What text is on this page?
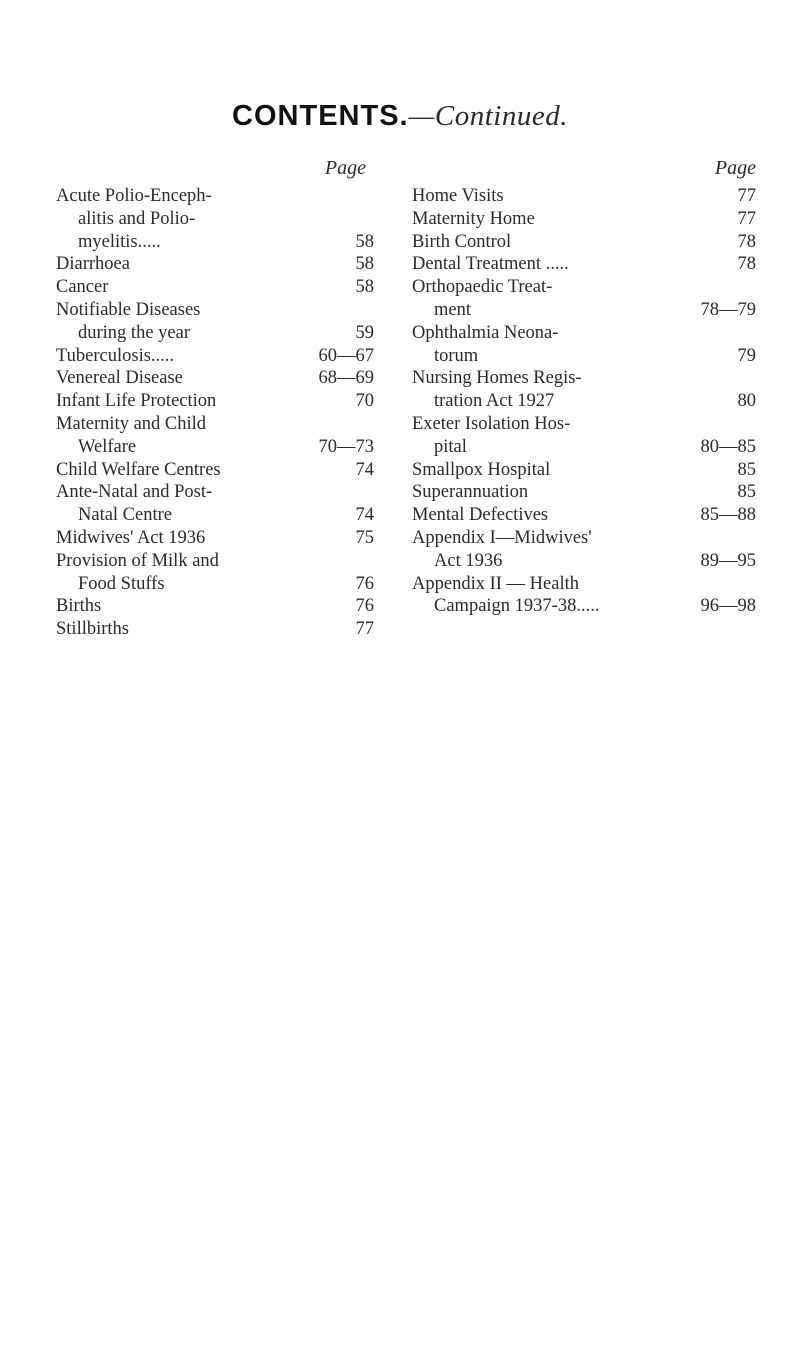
CONTENTS.—Continued.
Page
Acute Polio-Enceph-
alitis and Polio-
myelitis.....	58
Diarrhoea	58
Cancer	58
Notifiable Diseases
during the year	59
Tuberculosis.....	60—67
Venereal Disease	68—69
Infant Life Protection	70
Maternity and Child
Welfare	70—73
Child Welfare Centres	74
Ante-Natal and Post-
Natal Centre	74
Midwives' Act 1936	75
Provision of Milk and
Food Stuffs	76
Births	76
Stillbirths	77
Page
Home Visits	77
Maternity Home	77
Birth Control	78
Dental Treatment .....	78
Orthopaedic Treat-
ment	78—79
Ophthalmia Neona-
torum	79
Nursing Homes Regis-
tration Act 1927	80
Exeter Isolation Hos-
pital	80—85
Smallpox Hospital	85
Superannuation	85
Mental Defectives	85—88
Appendix I—Midwives'
Act 1936	89—95
Appendix II — Health
Campaign 1937-38.....	96—98
